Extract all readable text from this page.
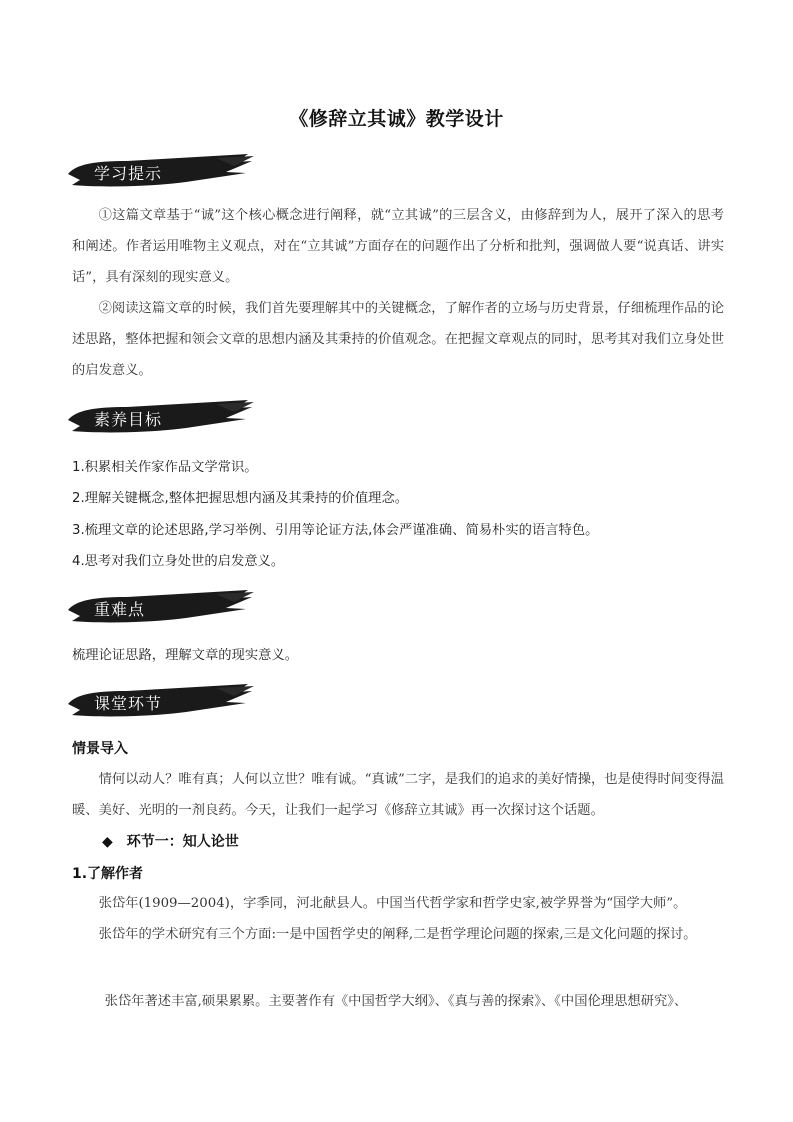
《修辞立其诚》教学设计
学习提示
①这篇文章基于“诚”这个核心概念进行阐释，就“立其诚”的三层含义，由修辞到为人，展开了深入的思考和阐述。作者运用唯物主义观点，对在“立其诚”方面存在的问题作出了分析和批判，强调做人要“说真话、讲实话”，具有深刻的现实意义。
②阅读这篇文章的时候，我们首先要理解其中的关键概念，了解作者的立场与历史背景，仔细梳理作品的论述思路，整体把握和领会文章的思想内涵及其秉持的价值观念。在把握文章观点的同时，思考其对我们立身处世的启发意义。
素养目标
1.积累相关作家作品文学常识。
2.理解关键概念,整体把握思想内涵及其秉持的价值理念。
3.梳理文章的论述思路,学习举例、引用等论证方法,体会严谨准确、简易朴实的语言特色。
4.思考对我们立身处世的启发意义。
重难点
梳理论证思路，理解文章的现实意义。
课堂环节
情景导入
情何以动人？唯有真；人何以立世？唯有诚。“真诚”二字，是我们的追求的美好情操，也是使得时间变得温暖、美好、光明的一剂良药。今天，让我们一起学习《修辞立其诚》再一次探讨这个话题。
◆ 环节一：知人论世
1.了解作者
张岱年(1909—2004)，字季同，河北献县人。中国当代哲学家和哲学史家,被学界誉为“国学大师”。
张岱年的学术研究有三个方面:一是中国哲学史的阐释,二是哲学理论问题的探索,三是文化问题的探讨。
张岱年著述丰富,硕果累累。主要著作有《中国哲学大纲》、《真与善的探索》、《中国伦理思想研究》、
